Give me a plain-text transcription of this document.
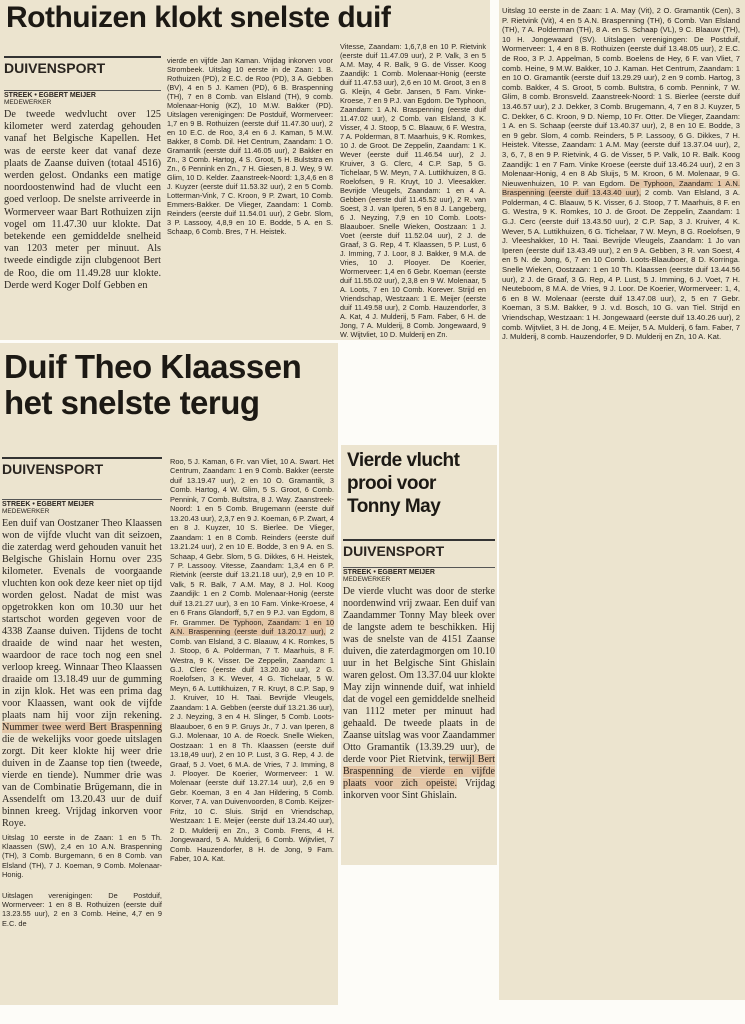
Rothuizen klokt snelste duif
DUIVENSPORT
STREEK • EGBERT MEIJER
MEDEWERKER

De tweede wedvlucht over 125 kilometer werd zaterdag gehouden vanaf het Belgische Kapellen. Het was de eerste keer dat vanaf deze plaats de Zaanse duiven (totaal 4516) werden gelost. Ondanks een matige noordoostenwind had de vlucht een goed verloop. De snelste arriveerde in Wormerveer waar Bart Rothuizen zijn vogel om 11.47.30 uur klokte. Dat betekende een gemiddelde snelheid van 1203 meter per minuut. Als tweede eindigde zijn clubgenoot Bert de Roo, die om 11.49.28 uur klokte. Derde werd Koger Dolf Gebben en

vierde en vijfde Jan Kaman. Vrijdag inkorven voor Strombeek. Uitslag 10 eerste in de Zaan: 1 B. Rothuizen (PD), 2 E.C. de Roo (PD), 3 A. Gebben (BV), 4 en 5 J. Kamen (PD), 6 B. Braspenning (TH), 7 en 8 Comb. van Elsland (TH), 9 comb. Molenaar-Honig (KZ), 10 M.W. Bakker (PD). Uitslagen verenigingen: De Postduif, Wormerveer: 1,7 en 9 B. Rothuizen (eerste duif 11.47.30 uur), 2 en 10 E.C. de Roo, 3,4 en 6 J. Kaman, 5 M.W. Bakker, 8 Comb. Dil. Het Centrum, Zaandam: 1 O. Gramantik (eerste duif 11.46.05 uur), 2 Bakker en Zn., 3 Comb. Hartog, 4 S. Groot, 5 H. Bulststra en Zn., 6 Pennink en Zn., 7 H. Giesen, 8 J. Wey, 9 W. Glim, 10 D. Kelder. Zaanstreek-Noord: 1,3,4,6 en 8 J. Kuyzer (eerste duif 11.53.32 uur), 2 en 5 Comb. Lotterman-Vink, 7 C. Kroon, 9 P. Zwart, 10 Comb. Emmers-Bakker. De Vlieger, Zaandam: 1 Comb. Reinders (eerste duif 11.54.01 uur), 2 Gebr. Slom, 3 P. Lassooy, 4,8,9 en 10 E. Bodde, 5 A. en S. Schaap, 6 Comb. Bres, 7 H. Heistek.

Vitesse, Zaandam: 1,6,7,8 en 10 P. Rietvink (eerste duif 11.47.09 uur), 2 P. Valk, 3 en 5 A.M. May, 4 R. Balk, 9 G. de Visser. Koog Zaandijk: 1 Comb. Molenaar-Honig (eerste duif 11.47.53 uur), 2,6 en 10 M. Groot, 3 en 8 G. Kleijn, 4 Gebr. Jansen, 5 Fam. Vinke-Kroese, 7 en 9 P.J. van Egdom. De Typhoon, Zaandam: 1 A.N. Braspenning (eerste duif 11.47.02 uur), 2 Comb. van Elsland, 3 K. Visser, 4 J. Stoop, 5 C. Blaauw, 6 F. Westra, 7 A. Polderman, 8 T. Maarhuis, 9 K. Romkes, 10 J. de Groot. De Zeppelin, Zaandam: 1 K. Wever (eerste duif 11.46.54 uur), 2 J. Kruiver, 3 G. Clerc, 4 C.P. Sap, 5 G. Tichelaar, 5 W. Meyn, 7 A. Luttikhuizen, 8 G. Roelofsen, 9 R. Kruyt, 10 J. Vleesakker. Bevrijde Vleugels, Zaandam: 1 en 4 A. Gebben (eerste duif 11.45.52 uur), 2 R. van Soest, 3 J. van Iperen, 5 en 8 J. Langeberg, 6 J. Neyzing, 7,9 en 10 Comb. Loots-Blaauboer. Snelle Wieken, Oostzaan: 1 J. Voet (eerste duif 11.52.04 uur), 2 J. de Graaf, 3 G. Rep, 4 T. Klaassen, 5 P. Lust, 6 J. Imming, 7 J. Loor, 8 J. Bakker, 9 M.A. de Vries, 10 J. Plooyer. De Koerier, Wormerveer: 1,4 en 6 Gebr. Koeman (eerste duif 11.55.02 uur), 2,3,8 en 9 W. Molenaar, 5 A. Loots, 7 en 10 Comb. Korever. Strijd en Vriendschap, Westzaan: 1 E. Meijer (eerste duif 11.49.58 uur), 2 Comb. Hauzendorfer, 3 A. Kat, 4 J. Mulderij, 5 Fam. Faber, 6 H. de Jong, 7 A. Mulderij, 8 Comb. Jongewaard, 9 W. Wijtvliet, 10 D. Mulderij en Zn.

Duif Theo Klaassen
het snelste terug
DUIVENSPORT
STREEK • EGBERT MEIJER
MEDEWERKER
Een duif van Oostzaner Theo Klaassen won de vijfde vlucht van dit seizoen, die zaterdag werd gehouden vanuit het Belgische Ghislain Hornu over 235 kilometer. Evenals de voorgaande vluchten kon ook deze keer niet op tijd worden gelost. Nadat de mist was opgetrokken kon om 10.30 uur het startschot worden gegeven voor de 4338 Zaanse duiven. Tijdens de tocht draaide de wind naar het westen, waardoor de race toch nog een snel verloop kreeg. Winnaar Theo Klaassen draaide om 13.18.49 uur de gumming in zijn klok. Het was een prima dag voor Klaassen, want ook de vijfde plaats nam hij voor zijn rekening. Nummer twee werd Bert Braspenning die de wekelijks voor goede uitslagen zorgt. Dit keer klokte hij weer drie duiven in de Zaanse top tien (tweede, vierde en tiende). Nummer drie was van de Combinatie Brügemann, die in Assendelft om 13.20.43 uur de duif binnen kreeg. Vrijdag inkorven voor Roye.

Uitslag 10 eerste in de Zaan: 1 en 5 Th. Klaassen (SW), 2,4 en 10 A.N. Braspenning (TH), 3 Comb. Burgemann, 6 en 8 Comb. van Elsland (TH), 7 J. Koeman, 9 Comb. Molenaar-Honig.

Uitslagen verenigingen: De Postduif, Wormerveer: 1 en 8 B. Rothuizen (eerste duif 13.23.55 uur), 2 en 3 Comb. Heine, 4,7 en 9 E.C. de

Roo, 5 J. Kaman, 6 Fr. van Vliet, 10 A. Swart. Het Centrum, Zaandam: 1 en 9 Comb. Bakker (eerste duif 13.19.47 uur), 2 en 10 O. Gramantik, 3 Comb. Hartog, 4 W. Glim, 5 S. Groot, 6 Comb. Pennink, 7 Comb. Bultstra, 8 J. Way. Zaanstreek-Noord: 1 en 5 Comb. Brugemann (eerste duif 13.20.43 uur), 2,3,7 en 9 J. Koeman, 6 P. Zwart, 4 en 8 J. Kuyzer, 10 S. Bierlee. De Vlieger, Zaandam: 1 en 8 Comb. Reinders (eerste duif 13.21.24 uur), 2 en 10 E. Bodde, 3 en 9 A. en S. Schaap, 4 Gebr. Slom, 5 G. Dikkes, 6 H. Heistek, 7 P. Lassooy. Vitesse, Zaandam: 1,3,4 en 6 P. Rietvink (eerste duif 13.21.18 uur), 2,9 en 10 P. Valk, 5 R. Balk, 7 A.M. May, 8 J. Hol. Koog Zaandijk: 1 en 2 Comb. Molenaar-Honig (eerste duif 13.21.27 uur), 3 en 10 Fam. Vinke-Kroese, 4 en 6 Frans Glandorff, 5,7 en 9 P.J. van Egdom, 8 Fr. Grammer. De Typhoon, Zaandam: 1 en 10 A.N. Braspenning (eerste duif 13.20.17 uur), 2 Comb. van Elsland, 3 C. Blaauw, 4 K. Romkes, 5 J. Stoop, 6 A. Polderman, 7 T. Maarhuis, 8 F. Westra, 9 K. Visser. De Zeppelin, Zaandam: 1 G.J. Clerc (eerste duif 13.20.30 uur), 2 G. Roelofsen, 3 K. Wever, 4 G. Tichelaar, 5 W. Meyn, 6 A. Luttikhuizen, 7 R. Kruyt, 8 C.P. Sap, 9 J. Kruiver, 10 H. Taai. Bevrijde Vleugels, Zaandam: 1 A. Gebben (eerste duif 13.21.36 uur), 2 J. Neyzing, 3 en 4 H. Slinger, 5 Comb. Loots-Blaauboer, 6 en 9 P. Gruys Jr., 7 J. van Iperen, 8 G.J. Molenaar, 10 A. de Roeck. Snelle Wieken, Oostzaan: 1 en 8 Th. Klaassen (eerste duif 13.18,49 uur), 2 en 10 P. Lust, 3 G. Rep, 4 J. de Graaf, 5 J. Voet, 6 M.A. de Vries, 7 J. Imming, 8 J. Plooyer. De Koerier, Wormerveer: 1 W. Molenaar (eerste duif 13.27.14 uur), 2,6 en 9 Gebr. Koeman, 3 en 4 Jan Hildering, 5 Comb. Korver, 7 A. van Duivenvoorden, 8 Comb. Keijzer-Fritz, 10 C. Sluis. Strijd en Vriendschap, Westzaan: 1 E. Meijer (eerste duif 13.24.40 uur), 2 D. Mulderij en Zn., 3 Comb. Frens, 4 H. Jongewaard, 5 A. Mulderij, 6 Comb. Wijtvliet, 7 Comb. Hauzendorfer, 8 H. de Jong, 9 Fam. Faber, 10 A. Kat.
Uitslag 10 eerste in de Zaan: 1 A. May (Vit), 2 O. Gramantik (Cen), 3 P. Rietvink (Vit), 4 en 5 A.N. Braspenning (TH), 6 Comb. Van Elsland (TH), 7 A. Polderman (TH), 8 A. en S. Schaap (VL), 9 C. Blaauw (TH), 10 H. Jongewaard (SV). Uitslagen verenigingen: De Postduif, Wormerveer: 1, 4 en 8 B. Rothuizen (eerste duif 13.48.05 uur), 2 E.C. de Roo, 3 P. J. Appelman, 5 comb. Boelens de Hey, 6 F. van Vliet, 7 comb. Heine, 9 M.W. Bakker, 10 J. Kaman. Het Centrum, Zaandam: 1 en 10 O. Gramantik (eerste duif 13.29.29 uur), 2 en 9 comb. Hartog, 3 comb. Bakker, 4 S. Groot, 5 comb. Bultstra, 6 comb. Pennink, 7 W. Glim, 8 comb. Bronsveld. Zaanstreek-Noord: 1 S. Bierlee (eerste duif 13.46.57 uur), 2 J. Dekker, 3 Comb. Brugemann, 4, 7 en 8 J. Kuyzer, 5 C. Dekker, 6 C. Kroon, 9 D. Niemp, 10 Fr. Otter. De Vlieger, Zaandam: 1 A. en S. Schaap (eerste duif 13.40.37 uur), 2, 8 en 10 E. Bodde, 3 en 9 gebr. Slom, 4 comb. Reinders, 5 P. Lassooy, 6 G. Dikkes, 7 H. Heistek. Vitesse, Zaandam: 1 A.M. May (eerste duif 13.37.04 uur), 2, 3, 6, 7, 8 en 9 P. Rietvink, 4 G. de Visser, 5 P. Valk, 10 R. Balk. Koog Zaandijk: 1 en 7 Fam. Vinke Kroese (eerste duif 13.46.24 uur), 2 en 3 Molenaar-Honig, 4 en 8 Ab Sluijs, 5 M. Kroon, 6 M. Molenaar, 9 G. Nieuwenhuizen, 10 P. van Egdom. De Typhoon, Zaandam: 1 A.N. Braspenning (eerste duif 13.43.40 uur), 2 comb. Van Elsland, 3 A. Polderman, 4 C. Blaauw, 5 K. Visser, 6 J. Stoop, 7 T. Maarhuis, 8 F. en G. Westra, 9 K. Romkes, 10 J. de Groot. De Zeppelin, Zaandam: 1 G.J. Cerc (eerste duif 13.43.50 uur), 2 C.P. Sap, 3 J. Kruiver, 4 K. Wever, 5 A. Luttikhuizen, 6 G. Tichelaar, 7 W. Meyn, 8 G. Roelofsen, 9 J. Vleeshakker, 10 H. Taai. Bevrijde Vleugels, Zaandam: 1 Jo van Iperen (eerste duif 13.43.49 uur), 2 en 9 A. Gebben, 3 R. van Soest, 4 en 5 N. de Jong, 6, 7 en 10 Comb. Loots-Blaauboer, 8 D. Korringa. Snelle Wieken, Oostzaan: 1 en 10 Th. Klaassen (eerste duif 13.44.56 uur), 2 J. de Graaf, 3 G. Rep, 4 P. Lust, 5 J. Imming, 6 J. Voet, 7 H. Neuteboom, 8 M.A. de Vries, 9 J. Loor. De Koerier, Wormerveer: 1, 4, 6 en 8 W. Molenaar (eerste duif 13.47.08 uur), 2, 5 en 7 Gebr. Koeman, 3 S.M. Bakker, 9 J. v.d. Bosch, 10 G. van Tiel. Strijd en Vriendschap, Westzaan: 1 H. Jongewaard (eerste duif 13.40.26 uur), 2 comb. Wijtvliet, 3 H. de Jong, 4 E. Meijer, 5 A. Mulderij, 6 fam. Faber, 7 J. Mulderij, 8 comb. Hauzendorfer, 9 D. Mulderij en Zn, 10 A. Kat.
Vierde vlucht prooi voor Tonny May
DUIVENSPORT
STREEK • EGBERT MEIJER
MEDEWERKER
De vierde vlucht was door de sterke noordenwind vrij zwaar. Een duif van Zaandammer Tonny May bleek over de langste adem te beschikken. Hij was de snelste van de 4151 Zaanse duiven, die zaterdagmorgen om 10.10 uur in het Belgische Sint Ghislain waren gelost. Om 13.37.04 uur klokte May zijn winnende duif, wat inhield dat de vogel een gemiddelde snelheid van 1112 meter per minuut had gehaald. De tweede plaats in de Zaanse uitslag was voor Zaandammer Otto Gramantik (13.39.29 uur), de derde voor Piet Rietvink, terwijl Bert Braspenning de vierde en vijfde plaats voor zich opeiste. Vrijdag inkorven voor Sint Ghislain.
